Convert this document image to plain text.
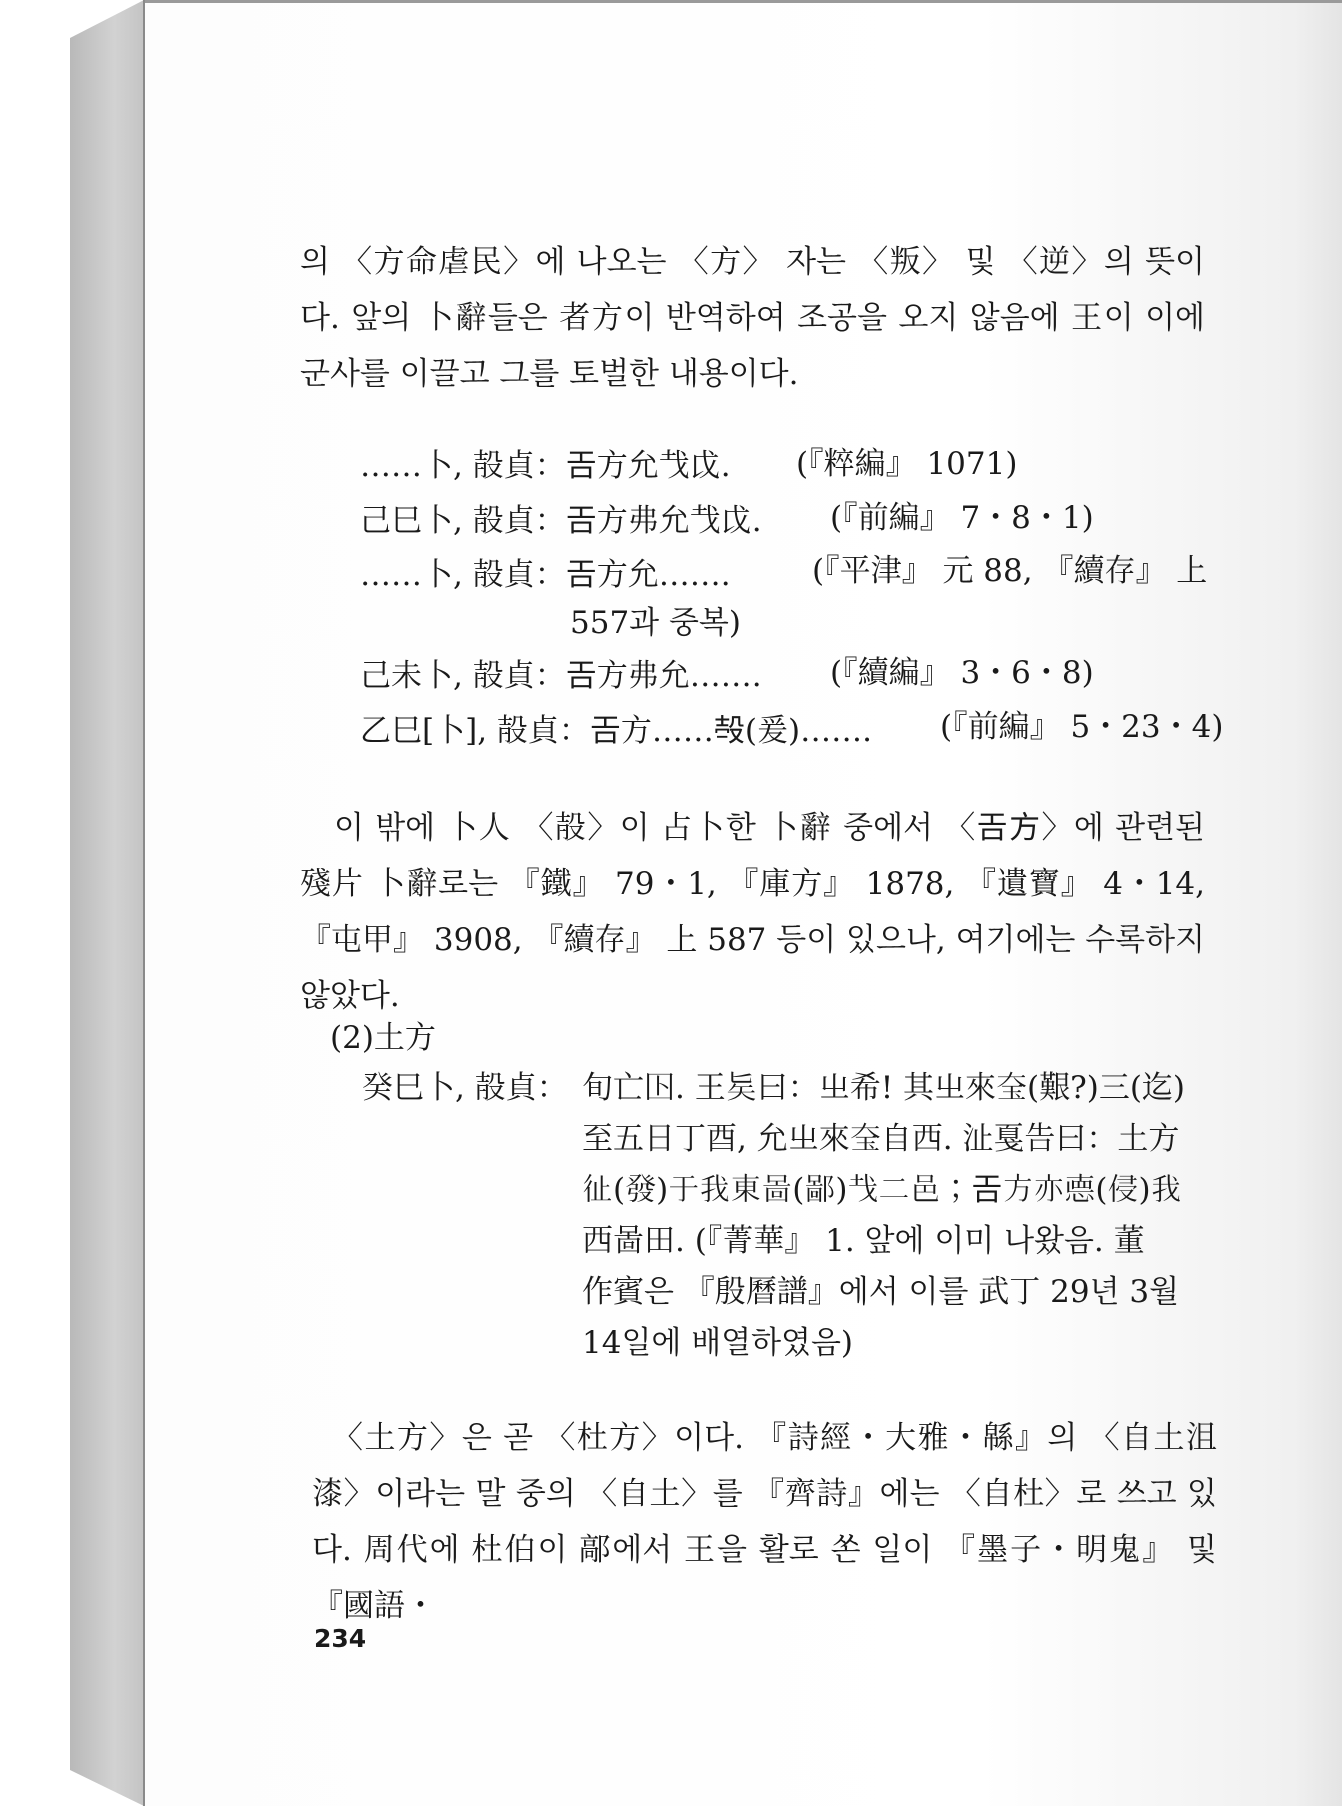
의 〈方命虐民〉에 나오는 〈方〉 자는 〈叛〉 및 〈逆〉의 뜻이다. 앞의 卜辭들은 者方이 반역하여 조공을 오지 않음에 王이 이에 군사를 이끌고 그를 토벌한 내용이다.
……卜, 㱿貞：𢀛方允𢦏戉. (『粹編』 1071)
己巳卜, 㱿貞：𢀛方弗允𢦏戉. (『前編』 7・8・1)
……卜, 㱿貞：𢀛方允…….	(『平津』 元 88, 『續存』 上
557과 중복)
己未卜, 㱿貞：𢀛方弗允……. (『續編』 3・6・8)
乙巳[卜], 㱿貞：𢀛方……𣪊(爰)……. (『前編』 5・23・4)
이 밖에 卜人 〈㱿〉이 占卜한 卜辭 중에서 〈𢀛方〉에 관련된 殘片 卜辭로는 『鐵』 79・1, 『庫方』 1878, 『遺寶』 4・14, 『屯甲』 3908, 『續存』 上 587 등이 있으나, 여기에는 수록하지 않았다.
(2)土方
癸巳卜, 㱿貞： 旬亡𡆥. 王𠤕曰：㞢希! 其㞢來𡘇(艱?)三(迄)
至五日丁酉, 允㞢來𡘇自西. 沚戛告曰：土方
𢓊(發)于我東啚(鄙)𢦏二邑；𢀛方亦㥁(侵)我
西啚田. (『菁華』 1. 앞에 이미 나왔음. 董
作賓은 『殷曆譜』에서 이를 武丁 29년 3월
14일에 배열하였음)
〈土方〉은 곧 〈杜方〉이다. 『詩經・大雅・緜』의 〈自土沮漆〉이라는 말 중의 〈自土〉를 『齊詩』에는 〈自杜〉로 쓰고 있다. 周代에 杜伯이 鄗에서 王을 활로 쏜 일이 『墨子・明鬼』 및 『國語・
234
